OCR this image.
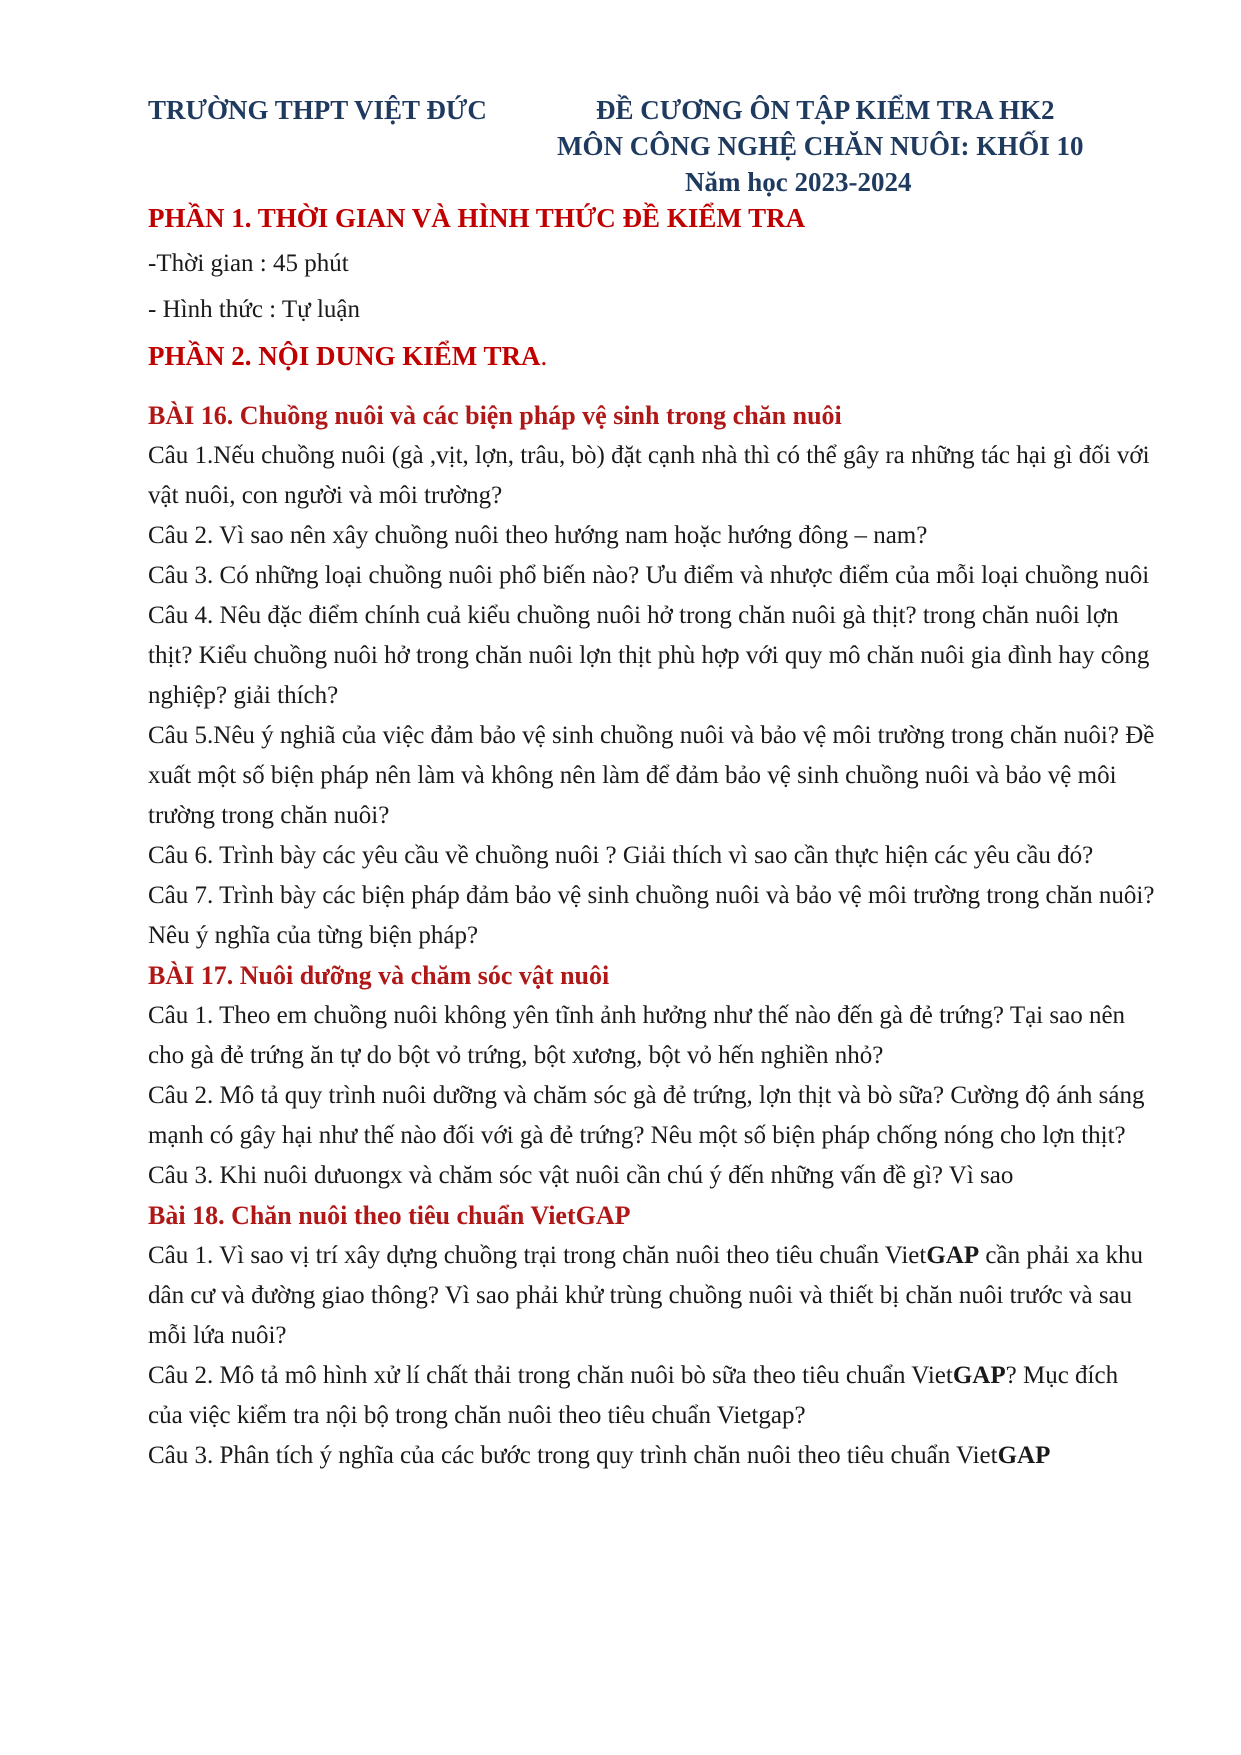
TRƯỜNG THPT VIỆT ĐỨC	ĐỀ CƯƠNG ÔN TẬP KIỂM TRA HK2
MÔN CÔNG NGHỆ CHĂN NUÔI: KHỐI 10
Năm học 2023-2024

PHẦN 1. THỜI GIAN VÀ HÌNH THỨC ĐỀ KIỂM TRA

-Thời gian : 45 phút

- Hình thức : Tự luận

PHẦN 2. NỘI DUNG KIỂM TRA.

BÀI 16. Chuồng nuôi và các biện pháp vệ sinh trong chăn nuôi

Câu 1.Nếu chuồng nuôi (gà ,vịt, lợn, trâu, bò) đặt cạnh nhà thì có thể gây ra những tác hại gì đối với vật nuôi, con người và môi trường?

Câu 2. Vì sao nên xây chuồng nuôi theo hướng nam hoặc hướng đông – nam?

Câu 3. Có những loại chuồng nuôi phổ biến nào? Ưu điểm và nhược điểm của mỗi loại chuồng nuôi

Câu 4. Nêu đặc điểm chính cuả kiểu chuồng nuôi hở trong chăn nuôi gà thịt? trong chăn nuôi lợn thịt? Kiểu chuồng nuôi hở trong chăn nuôi lợn thịt phù hợp với quy mô chăn nuôi gia đình hay công nghiệp? giải thích?

Câu 5.Nêu ý nghiã của việc đảm bảo vệ sinh chuồng nuôi và bảo vệ môi trường trong chăn nuôi? Đề xuất một số biện pháp nên làm và không nên làm để đảm bảo vệ sinh chuồng nuôi và bảo vệ môi trường trong chăn nuôi?

Câu 6. Trình bày các yêu cầu về chuồng nuôi ? Giải thích vì sao cần thực hiện các yêu cầu đó?

Câu 7. Trình bày các biện pháp đảm bảo vệ sinh chuồng nuôi và bảo vệ môi trường trong chăn nuôi? Nêu ý nghĩa của từng biện pháp?

BÀI 17. Nuôi dưỡng và chăm sóc vật nuôi

Câu 1. Theo em chuồng nuôi không yên tĩnh ảnh hưởng như thế nào đến gà đẻ trứng? Tại sao nên cho gà đẻ trứng ăn tự do bột vỏ trứng, bột xương, bột vỏ hến nghiền nhỏ?

Câu 2. Mô tả quy trình nuôi dưỡng và chăm sóc gà đẻ trứng, lợn thịt và bò sữa? Cường độ ánh sáng mạnh có gây hại như thế nào đối với gà đẻ trứng? Nêu một số biện pháp chống nóng cho lợn thịt?

Câu 3. Khi nuôi dưuongx và chăm sóc vật nuôi cần chú ý đến những vấn đề gì? Vì sao

Bài 18. Chăn nuôi theo tiêu chuẩn VietGAP

Câu 1. Vì sao vị trí xây dựng chuồng trại trong chăn nuôi theo tiêu chuẩn VietGAP cần phải xa khu dân cư và đường giao thông? Vì sao phải khử trùng chuồng nuôi và thiết bị chăn nuôi trước và sau mỗi lứa nuôi?

Câu 2. Mô tả mô hình xử lí chất thải trong chăn nuôi bò sữa theo tiêu chuẩn VietGAP? Mục đích của việc kiểm tra nội bộ trong chăn nuôi theo tiêu chuẩn Vietgap?

Câu 3. Phân tích ý nghĩa của các bước trong quy trình chăn nuôi theo tiêu chuẩn VietGAP
